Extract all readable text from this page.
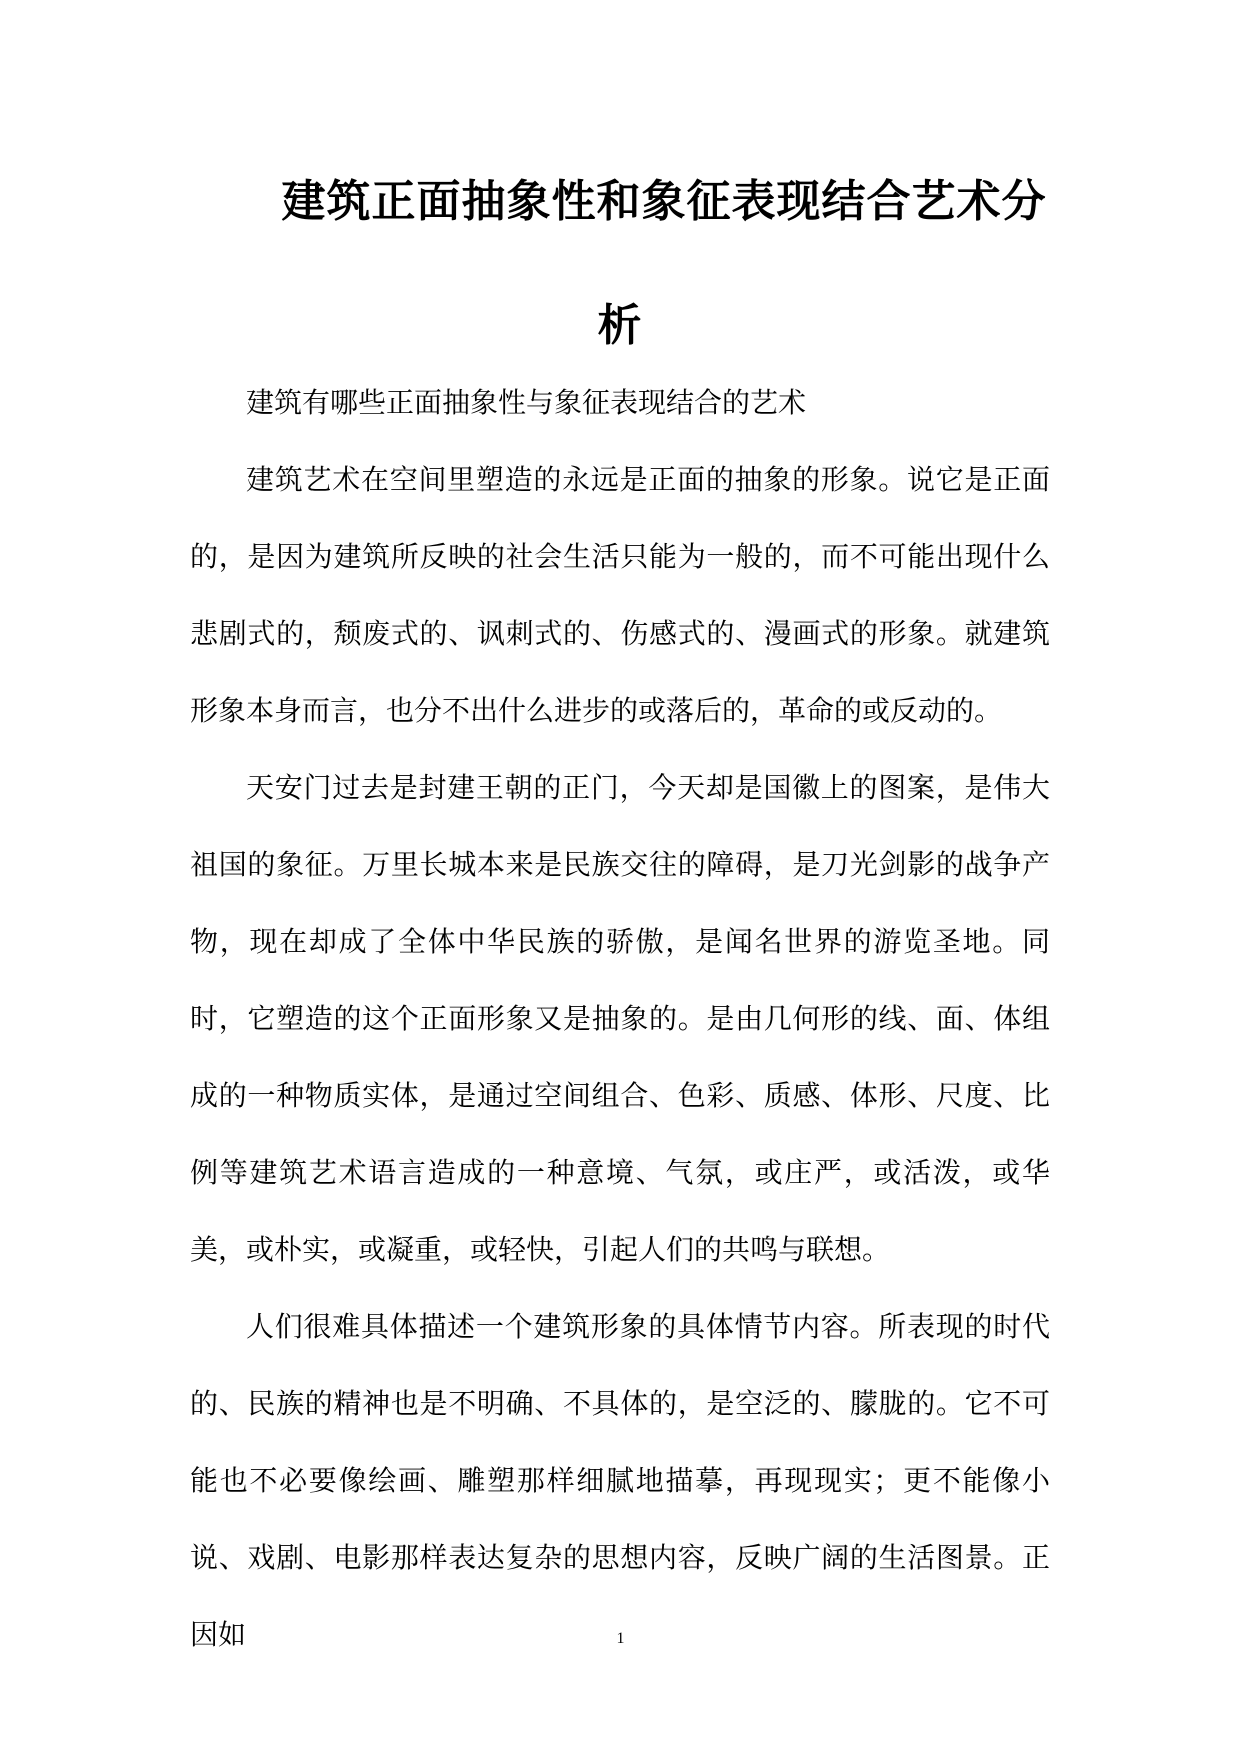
建筑正面抽象性和象征表现结合艺术分析

建筑有哪些正面抽象性与象征表现结合的艺术

建筑艺术在空间里塑造的永远是正面的抽象的形象。说它是正面的，是因为建筑所反映的社会生活只能为一般的，而不可能出现什么悲剧式的，颓废式的、讽刺式的、伤感式的、漫画式的形象。就建筑形象本身而言，也分不出什么进步的或落后的，革命的或反动的。

天安门过去是封建王朝的正门，今天却是国徽上的图案，是伟大祖国的象征。万里长城本来是民族交往的障碍，是刀光剑影的战争产物，现在却成了全体中华民族的骄傲，是闻名世界的游览圣地。同时，它塑造的这个正面形象又是抽象的。是由几何形的线、面、体组成的一种物质实体，是通过空间组合、色彩、质感、体形、尺度、比例等建筑艺术语言造成的一种意境、气氛，或庄严，或活泼，或华美，或朴实，或凝重，或轻快，引起人们的共鸣与联想。

人们很难具体描述一个建筑形象的具体情节内容。所表现的时代的、民族的精神也是不明确、不具体的，是空泛的、朦胧的。它不可能也不必要像绘画、雕塑那样细腻地描摹，再现现实；更不能像小说、戏剧、电影那样表达复杂的思想内容，反映广阔的生活图景。正因如	1
